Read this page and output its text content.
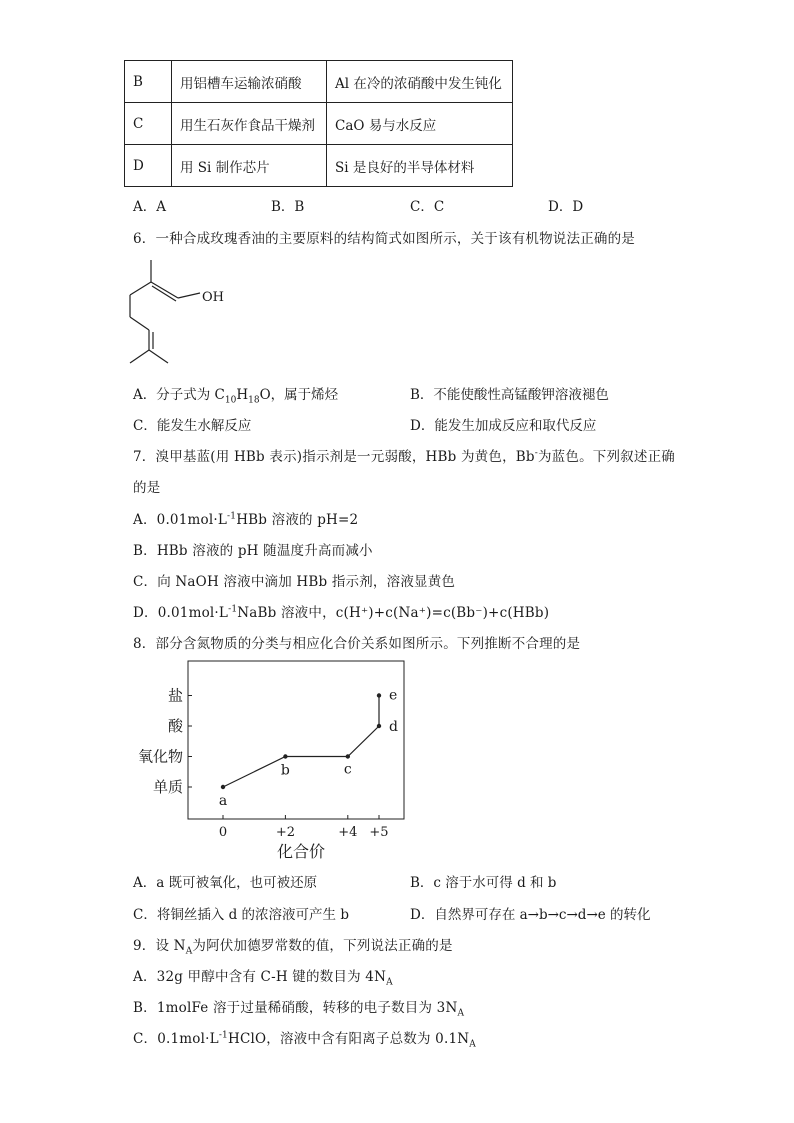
B	用铝槽车运输浓硝酸	Al 在冷的浓硝酸中发生钝化
C	用生石灰作食品干燥剂	CaO 易与水反应
D	用 Si 制作芯片	Si 是良好的半导体材料
A．A	B．B	C．C	D．D
6．一种合成玫瑰香油的主要原料的结构简式如图所示，关于该有机物说法正确的是
OH
A．分子式为 $C_{10}H_{18}O$，属于烯烃	B．不能使酸性高锰酸钾溶液褪色
C．能发生水解反应	D．能发生加成反应和取代反应
7．溴甲基蓝(用 HBb 表示)指示剂是一元弱酸，HBb 为黄色，Bb-为蓝色。下列叙述正确
的是
A．$0.01mol\cdot L^{-1}HBb$ 溶液的 pH=2
B．HBb 溶液的 pH 随温度升高而减小
C．向 NaOH 溶液中滴加 HBb 指示剂，溶液显黄色
D．$0.01mol\cdot L^{-1}NaBb$ 溶液中，c(H⁺)+c(Na⁺)=c(Bb⁻)+c(HBb)
8．部分含氮物质的分类与相应化合价关系如图所示。下列推断不合理的是
单质
氧化物
酸
盐
0	+2	+4 +5
化合价
a
b	c
d
e
A．a 既可被氧化，也可被还原	B．c 溶于水可得 d 和 b
C．将铜丝插入 d 的浓溶液可产生 b	D．自然界可存在 a→b→c→d→e 的转化
9．设 $N_A$为阿伏加德罗常数的值，下列说法正确的是
A．32g 甲醇中含有 C-H 键的数目为 $4N_A$
B．1molFe 溶于过量稀硝酸，转移的电子数目为 $3N_A$
C．$0.1mol\cdot L^{-1}HClO$，溶液中含有阳离子总数为 $0.1N_A$
